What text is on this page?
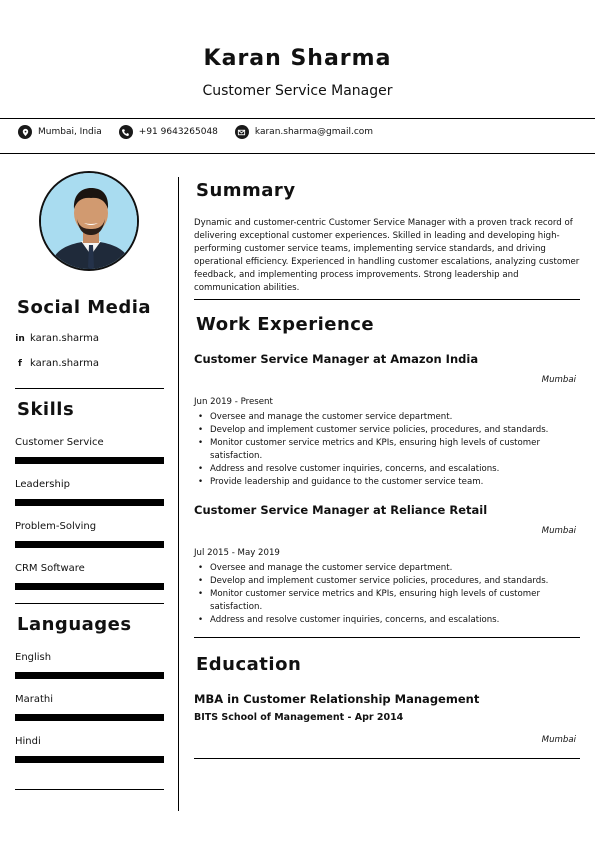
Karan Sharma
Customer Service Manager
Mumbai, India	+91 9643265048	karan.sharma@gmail.com
Social Media
in karan.sharma
f karan.sharma
Skills
Customer Service
Leadership
Problem-Solving
CRM Software
Languages
English
Marathi
Hindi
Summary
Dynamic and customer-centric Customer Service Manager with a proven track record of delivering exceptional customer experiences. Skilled in leading and developing high-performing customer service teams, implementing service standards, and driving operational efficiency. Experienced in handling customer escalations, analyzing customer feedback, and implementing process improvements. Strong leadership and communication abilities.
Work Experience
Customer Service Manager at Amazon India
Mumbai
Jun 2019 - Present
• Oversee and manage the customer service department.
• Develop and implement customer service policies, procedures, and standards.
• Monitor customer service metrics and KPIs, ensuring high levels of customer satisfaction.
• Address and resolve customer inquiries, concerns, and escalations.
• Provide leadership and guidance to the customer service team.
Customer Service Manager at Reliance Retail
Mumbai
Jul 2015 - May 2019
• Oversee and manage the customer service department.
• Develop and implement customer service policies, procedures, and standards.
• Monitor customer service metrics and KPIs, ensuring high levels of customer satisfaction.
• Address and resolve customer inquiries, concerns, and escalations.
Education
MBA in Customer Relationship Management
BITS School of Management - Apr 2014
Mumbai
